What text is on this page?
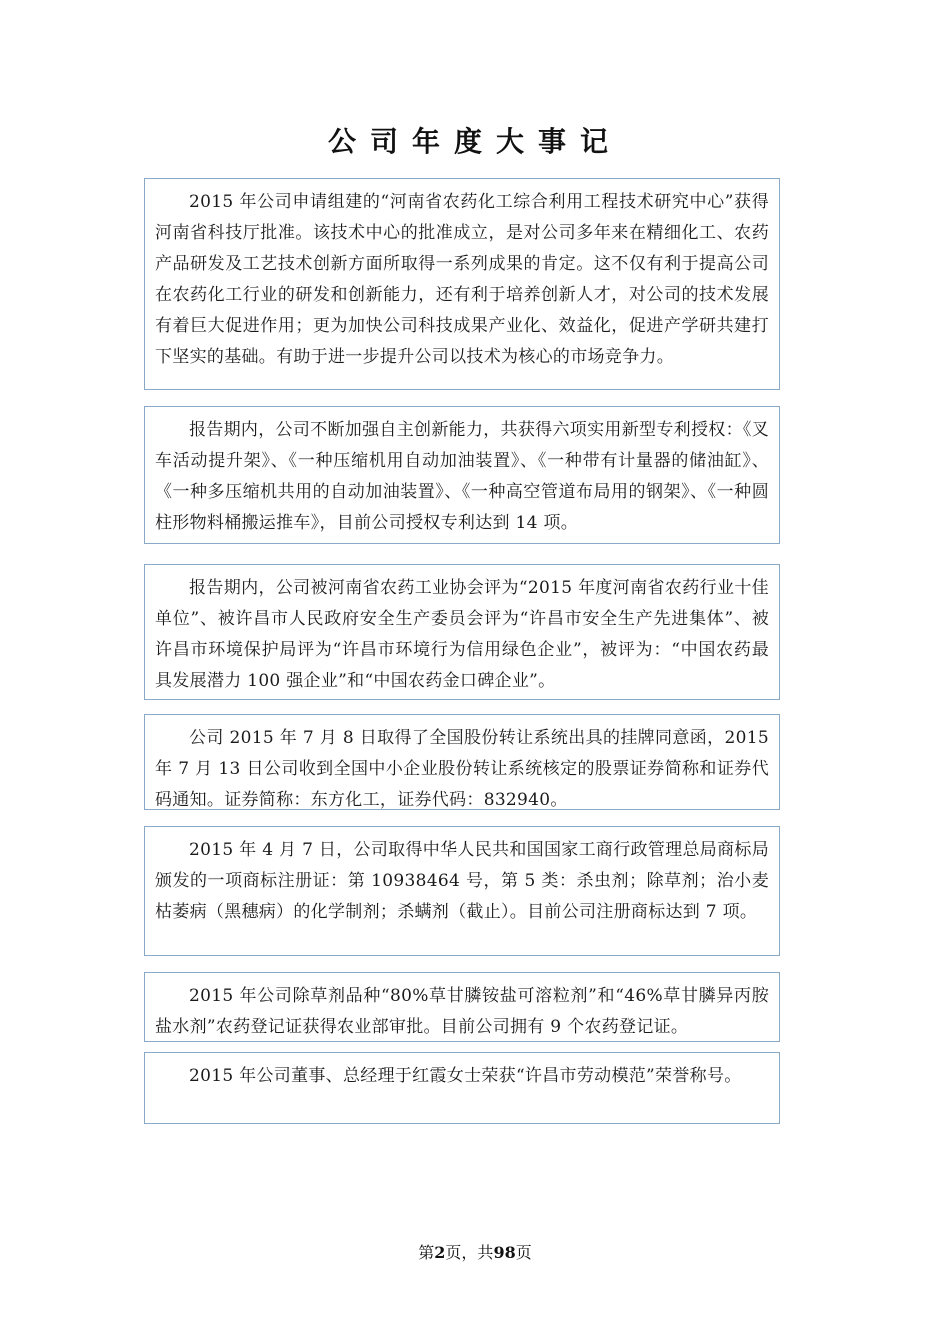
公司年度大事记

2015 年公司申请组建的“河南省农药化工综合利用工程技术研究中心”获得河南省科技厅批准。该技术中心的批准成立，是对公司多年来在精细化工、农药产品研发及工艺技术创新方面所取得一系列成果的肯定。这不仅有利于提高公司在农药化工行业的研发和创新能力，还有利于培养创新人才，对公司的技术发展有着巨大促进作用；更为加快公司科技成果产业化、效益化，促进产学研共建打下坚实的基础。有助于进一步提升公司以技术为核心的市场竞争力。

报告期内，公司不断加强自主创新能力，共获得六项实用新型专利授权：《叉车活动提升架》、《一种压缩机用自动加油装置》、《一种带有计量器的储油缸》、《一种多压缩机共用的自动加油装置》、《一种高空管道布局用的钢架》、《一种圆柱形物料桶搬运推车》，目前公司授权专利达到 14 项。

报告期内，公司被河南省农药工业协会评为“2015 年度河南省农药行业十佳单位”、被许昌市人民政府安全生产委员会评为“许昌市安全生产先进集体”、被许昌市环境保护局评为“许昌市环境行为信用绿色企业”，被评为：“中国农药最具发展潜力 100 强企业”和“中国农药金口碑企业”。

公司 2015 年 7 月 8 日取得了全国股份转让系统出具的挂牌同意函，2015 年 7 月 13 日公司收到全国中小企业股份转让系统核定的股票证券简称和证券代码通知。证券简称：东方化工，证券代码：832940。

2015 年 4 月 7 日，公司取得中华人民共和国国家工商行政管理总局商标局颁发的一项商标注册证：第 10938464 号，第 5 类：杀虫剂；除草剂；治小麦枯萎病（黑穗病）的化学制剂；杀螨剂（截止）。目前公司注册商标达到 7 项。

2015 年公司除草剂品种“80%草甘膦铵盐可溶粒剂”和“46%草甘膦异丙胺盐水剂”农药登记证获得农业部审批。目前公司拥有 9 个农药登记证。

2015 年公司董事、总经理于红霞女士荣获“许昌市劳动模范”荣誉称号。

第2页，共98页
